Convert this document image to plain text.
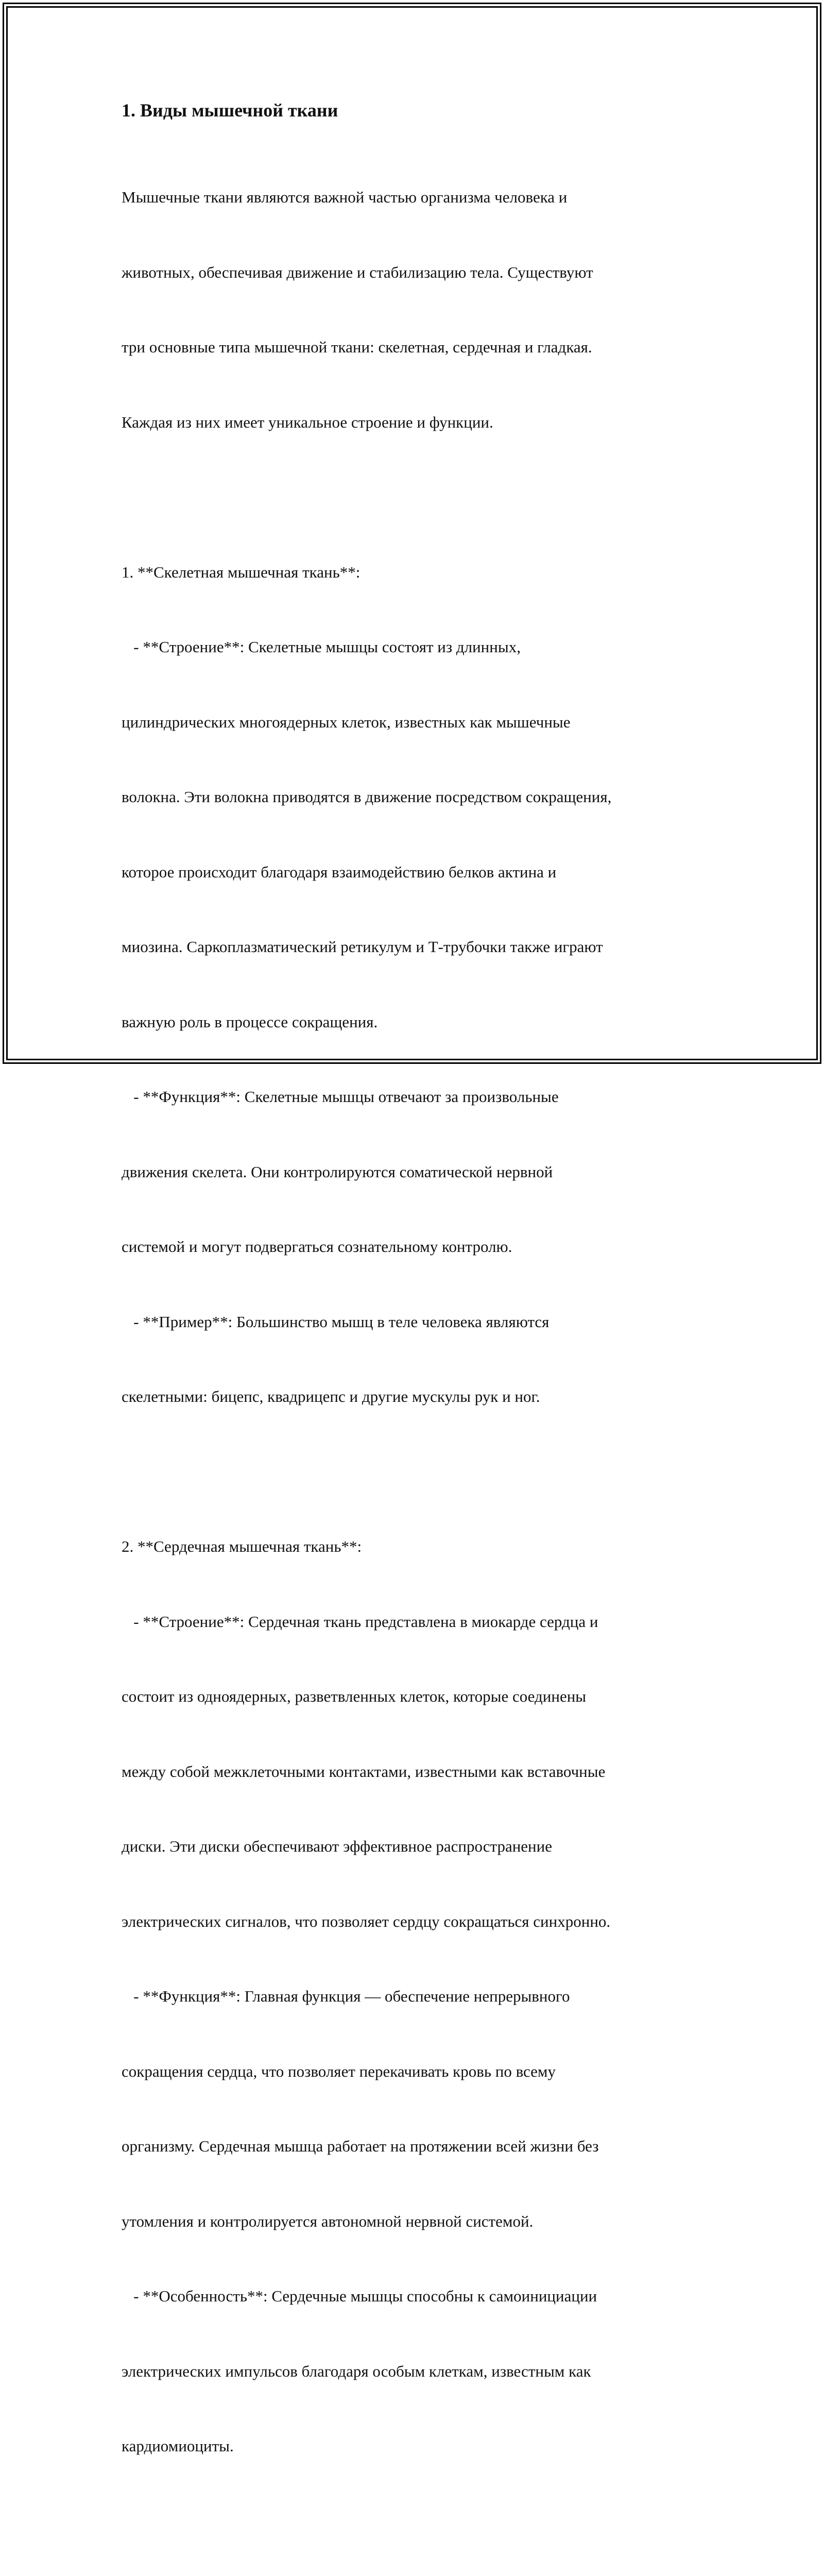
1. Виды мышечной ткани

Мышечные ткани являются важной частью организма человека и

животных, обеспечивая движение и стабилизацию тела. Существуют

три основные типа мышечной ткани: скелетная, сердечная и гладкая.

Каждая из них имеет уникальное строение и функции.

1. **Скелетная мышечная ткань**:

- **Строение**: Скелетные мышцы состоят из длинных,

цилиндрических многоядерных клеток, известных как мышечные

волокна. Эти волокна приводятся в движение посредством сокращения,

которое происходит благодаря взаимодействию белков актина и

миозина. Саркоплазматический ретикулум и Т-трубочки также играют

важную роль в процессе сокращения.

- **Функция**: Скелетные мышцы отвечают за произвольные

движения скелета. Они контролируются соматической нервной

системой и могут подвергаться сознательному контролю.

- **Пример**: Большинство мышц в теле человека являются

скелетными: бицепс, квадрицепс и другие мускулы рук и ног.

2. **Сердечная мышечная ткань**:

- **Строение**: Сердечная ткань представлена в миокарде сердца и

состоит из одноядерных, разветвленных клеток, которые соединены

между собой межклеточными контактами, известными как вставочные

диски. Эти диски обеспечивают эффективное распространение

электрических сигналов, что позволяет сердцу сокращаться синхронно.

- **Функция**: Главная функция — обеспечение непрерывного

сокращения сердца, что позволяет перекачивать кровь по всему

организму. Сердечная мышца работает на протяжении всей жизни без

утомления и контролируется автономной нервной системой.

- **Особенность**: Сердечные мышцы способны к самоинициации

электрических импульсов благодаря особым клеткам, известным как

кардиомиоциты.
